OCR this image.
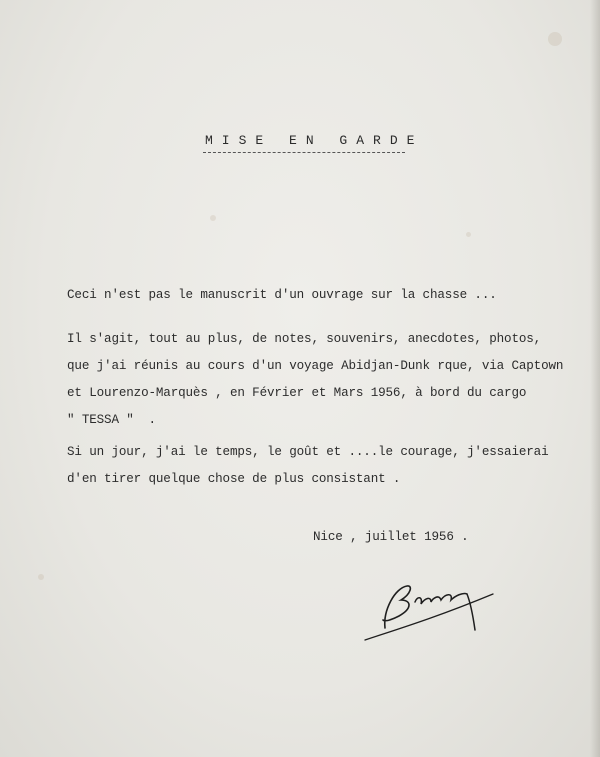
M I S E   E N   G A R D E
Ceci n'est pas le manuscrit d'un ouvrage sur la chasse ...
Il s'agit, tout au plus, de notes, souvenirs, anecdotes, photos,
que j'ai réunis au cours d'un voyage Abidjan-Dunk rque, via Captown
et Lourenzo-Marquès , en Février et Mars 1956, à bord du cargo
" TESSA "  .
Si un jour, j'ai le temps, le goût et ....le courage, j'essaierai
d'en tirer quelque chose de plus consistant .
Nice , juillet 1956 .
